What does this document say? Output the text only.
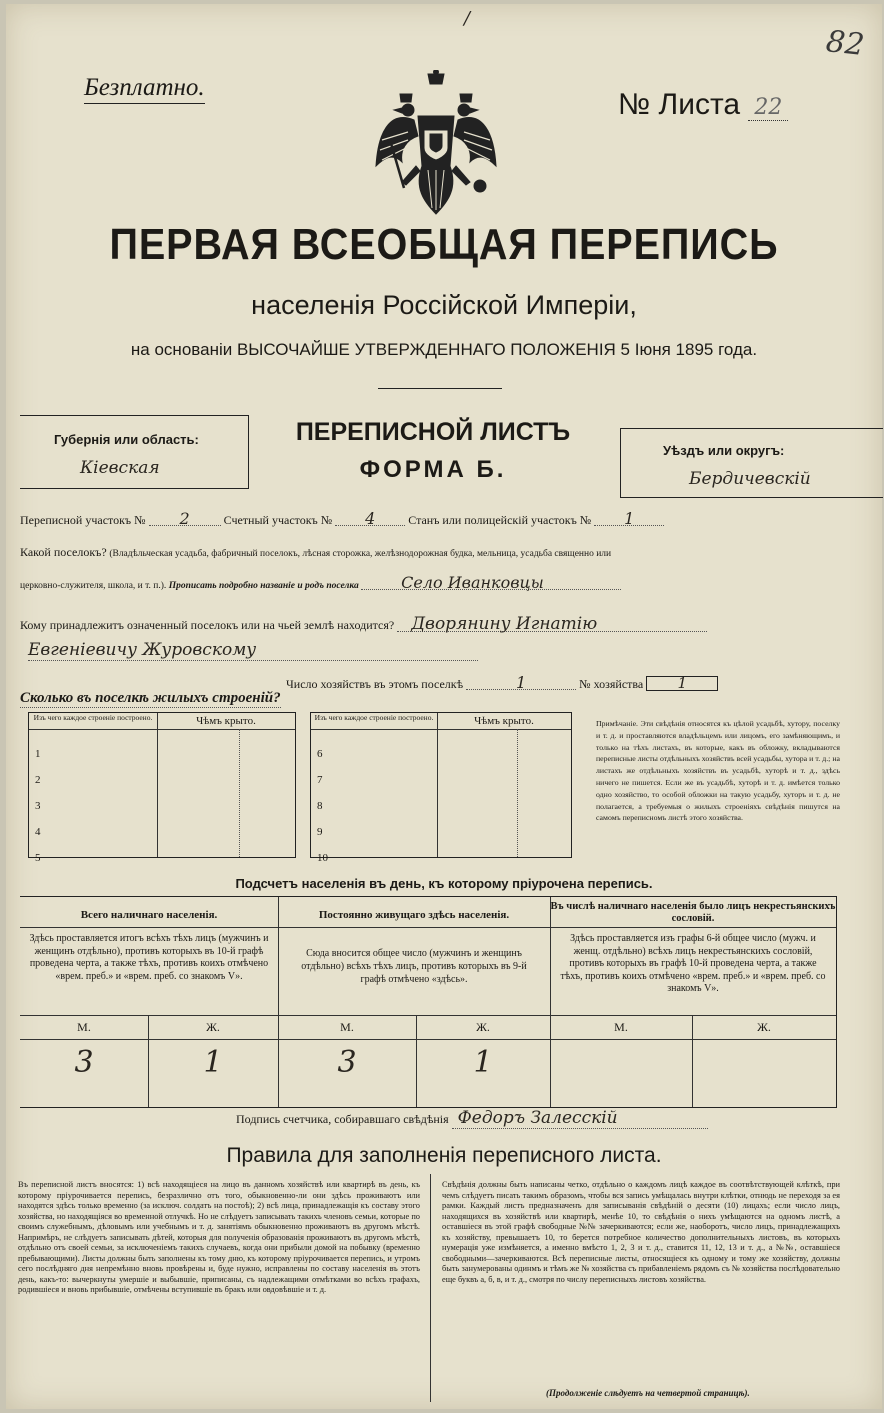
/
82
Безплатно.
№ Листа 22
ПЕРВАЯ ВСЕОБЩАЯ ПЕРЕПИСЬ
населенія Россійской Имперіи,
на основаніи ВЫСОЧАЙШЕ УТВЕРЖДЕННАГО ПОЛОЖЕНІЯ 5 Іюня 1895 года.
Губернія или область:
Кіевская
ПЕРЕПИСНОЙ ЛИСТЪ
ФОРМА Б.
Уѣздъ или округъ:
Бердичевскій
Переписной участокъ № 2	Счетный участокъ № 4	Станъ или полицейскій участокъ № 1
Какой поселокъ? (Владѣльческая усадьба, фабричный поселокъ, лѣсная сторожка, желѣзнодорожная будка, мельница, усадьба священно или
церковно-служителя, школа, и т. п.). Прописать подробно названіе и родъ поселка	Село Иванковцы
Кому принадлежитъ означенный поселокъ или на чьей землѣ находится? Дворянину Игнатію
Евгеніевичу Журовскому
Число хозяйствъ въ этомъ поселкѣ	1	№ хозяйства 1
Сколько въ поселкѣ жилыхъ строеній?
Изъ чего каждое строеніе построено.	Чѣмъ крыто.
1
2
3
4
5
Изъ чего каждое строеніе построено.	Чѣмъ крыто.
6
7
8
9
10
Примѣчаніе. Эти свѣдѣнія относятся къ цѣлой усадьбѣ, хутору, поселку и т. д. и проставляются владѣльцемъ или лицомъ, его замѣняющимъ, и только на тѣхъ листахъ, въ которые, какъ въ обложку, вкладываются переписные листы отдѣльныхъ хозяйствъ всей усадьбы, хутора и т. д.; на листахъ же отдѣльныхъ хозяйствъ въ усадьбѣ, хуторѣ и т. д., здѣсь ничего не пишется. Если же въ усадьбѣ, хуторѣ и т. д. имѣется только одно хозяйство, то особой обложки на такую усадьбу, хуторъ и т. д. не полагается, а требуемыя о жилыхъ строеніяхъ свѣдѣнія пишутся на самомъ переписномъ листѣ этого хозяйства.
Подсчетъ населенія въ день, къ которому пріурочена перепись.
Всего наличнаго населенія.
Здѣсь проставляется итогъ всѣхъ тѣхъ лицъ (мужчинъ и женщинъ отдѣльно), противъ которыхъ въ 10-й графѣ проведена черта, а также тѣхъ, противъ коихъ отмѣчено «врем. преб.» и «врем. преб. со знакомъ V».
Постоянно живущаго здѣсь населенія.
Сюда вносится общее число (мужчинъ и женщинъ отдѣльно) всѣхъ тѣхъ лицъ, противъ которыхъ въ 9-й графѣ отмѣчено «здѣсь».
Въ числѣ наличнаго населенія было лицъ некрестьянскихъ сословій.
Здѣсь проставляется изъ графы 6-й общее число (мужч. и женщ. отдѣльно) всѣхъ лицъ некрестьянскихъ сословій, противъ которыхъ въ графѣ 10-й проведена черта, а также тѣхъ, противъ коихъ отмѣчено «врем. преб.» и «врем. преб. со знакомъ V».
М.	Ж.	М.	Ж.	М.	Ж.
3	1	3	1
Подпись счетчика, собиравшаго свѣдѣнія Федоръ Залесскій
Правила для заполненія переписного листа.
Въ переписной листъ вносятся: 1) всѣ находящіеся на лицо въ данномъ хозяйствѣ или квартирѣ въ день, къ которому пріурочивается перепись, безразлично отъ того, обыкновенно-ли они здѣсь проживаютъ или находятся здѣсь только временно (за исключ. солдатъ на постоѣ); 2) всѣ лица, принадлежащія къ составу этого хозяйства, но находящіяся во временной отлучкѣ. Но не слѣдуетъ записывать такихъ членовъ семьи, которые по своимъ служебнымъ, дѣловымъ или учебнымъ и т. д. занятіямъ обыкновенно проживаютъ въ другомъ мѣстѣ. Напримѣръ, не слѣдуетъ записывать дѣтей, которыя для полученія образованія проживаютъ въ другомъ мѣстѣ, отдѣльно отъ своей семьи, за исключеніемъ такихъ случаевъ, когда они прибыли домой на побывку (временно пребывающими). Листы должны быть заполнены къ тому дню, къ которому пріурочивается перепись, и утромъ сего послѣдняго дня непремѣнно вновь провѣрены и, буде нужно, исправлены по составу населенія въ этотъ день, какъ-то: вычеркнуты умершіе и выбывшіе, приписаны, съ надлежащими отмѣтками во всѣхъ графахъ, родившіеся и вновь прибывшіе, отмѣчены вступившіе въ бракъ или овдовѣвшіе и т. д.
Свѣдѣнія должны быть написаны четко, отдѣльно о каждомъ лицѣ каждое въ соотвѣтствующей клѣткѣ, при чемъ слѣдуетъ писать такимъ образомъ, чтобы вся запись умѣщалась внутри клѣтки, отнюдь не переходя за ея рамки. Каждый листъ предназначенъ для записыванія свѣдѣній о десяти (10) лицахъ; если число лицъ, находящихся въ хозяйствѣ или квартирѣ, менѣе 10, то свѣдѣнія о нихъ умѣщаются на одномъ листѣ, а оставшіеся въ этой графѣ свободные №№ зачеркиваются; если же, наоборотъ, число лицъ, принадлежащихъ къ хозяйству, превышаетъ 10, то берется потребное количество дополнительныхъ листовъ, въ которыхъ нумерація уже измѣняется, а именно вмѣсто 1, 2, 3 и т. д., ставится 11, 12, 13 и т. д., а №№, оставшіеся свободными—зачеркиваются. Всѣ переписные листы, относящіеся къ одному и тому же хозяйству, должны быть занумерованы одинмъ и тѣмъ же № хозяйства съ прибавленіемъ рядомъ съ № хозяйства послѣдовательно еще буквъ а, б, в, и т. д., смотря по числу переписныхъ листовъ хозяйства.
(Продолженіе слѣдуетъ на четвертой страницѣ).
